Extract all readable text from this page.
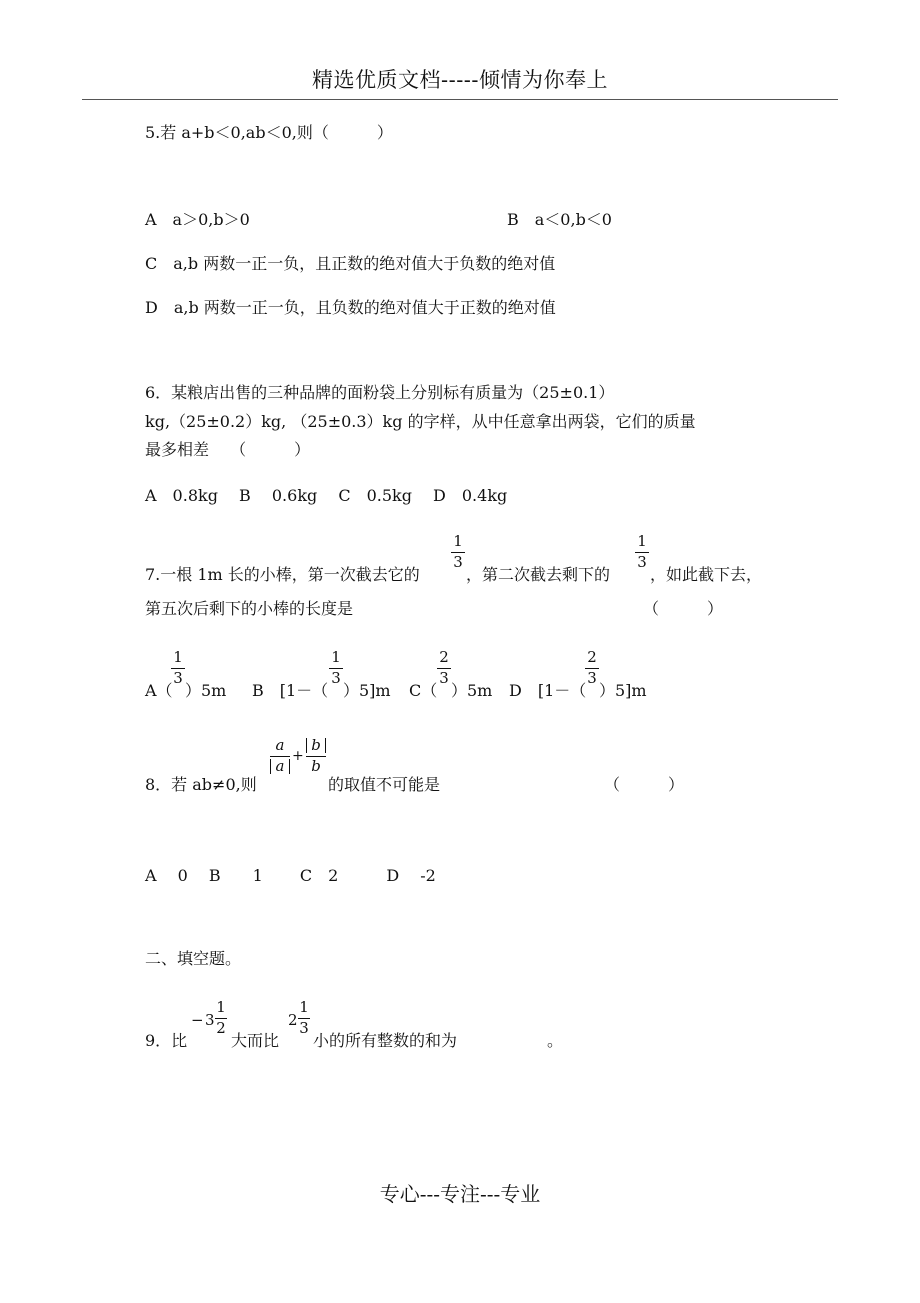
精选优质文档-----倾情为你奉上
5.若 a+b＜0,ab＜0,则（　　　）
A　a＞0,b＞0	B　a＜0,b＜0
C　a,b 两数一正一负，且正数的绝对值大于负数的绝对值
D　a,b 两数一正一负，且负数的绝对值大于正数的绝对值
6．某粮店出售的三种品牌的面粉袋上分别标有质量为（25±0.1）
kg,（25±0.2）kg, （25±0.3）kg 的字样，从中任意拿出两袋，它们的质量
最多相差　 （　　　）
A　0.8kg　 B　 0.6kg　 C　0.5kg　 D　0.4kg
7.一根 1m 长的小棒，第一次截去它的
1
3
，第二次截去剩下的
1
3
，如此截下去，
第五次后剩下的小棒的长度是	（　　　）
A（
1
3
）5m B　[1－（
1
3
）5]m C（
2
3
）5m D　[1－（
2
3
）5]m
8．若 ab≠0,则
a
a
+
b
b
的取值不可能是	（　　　）
A　 0　 B　　1　　 C　2　　　D　 -2
二、填空题。
9．比
− 3
1
2
大而比
2
1
3
小的所有整数的和为	。
专心---专注---专业
